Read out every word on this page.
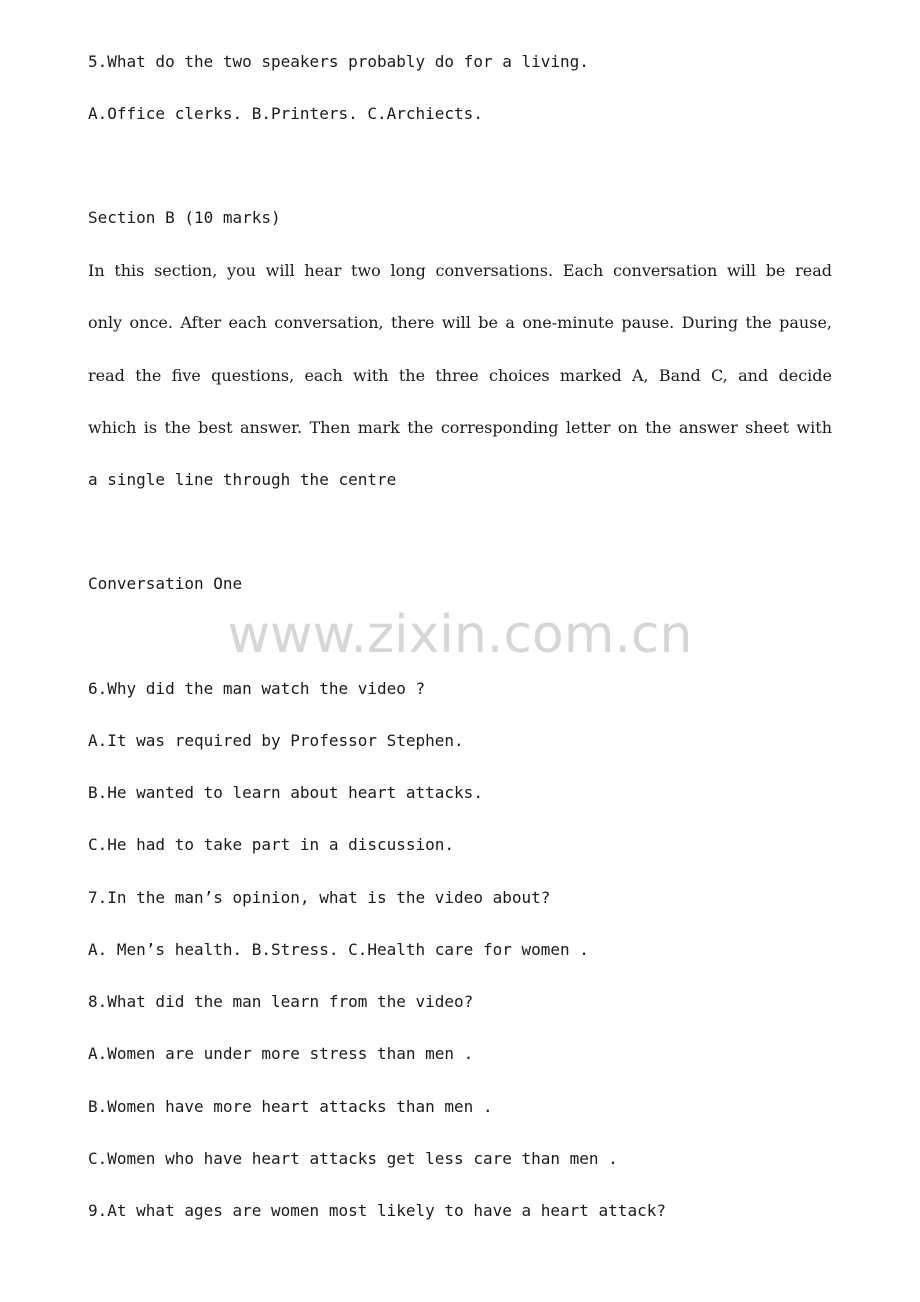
5.What do the two speakers probably do for a living.
A.Office clerks. B.Printers. C.Archiects.
Section B (10 marks)
In this section, you will hear two long conversations. Each conversation will be read
only once. After each conversation, there will be a one-minute pause. During the pause,
read the five questions, each with the three choices marked A, Band C, and decide
which is the best answer. Then mark the corresponding letter on the answer sheet with
a single line through the centre
Conversation One
www.zixin.com.cn
6.Why did the man watch the video ?
A.It was required by Professor Stephen.
B.He wanted to learn about heart attacks.
C.He had to take part in a discussion.
7.In the man’s opinion, what is the video about?
A. Men’s health. B.Stress. C.Health care for women .
8.What did the man learn from the video?
A.Women are under more stress than men .
B.Women have more heart attacks than men .
C.Women who have heart attacks get less care than men .
9.At what ages are women most likely to have a heart attack?
